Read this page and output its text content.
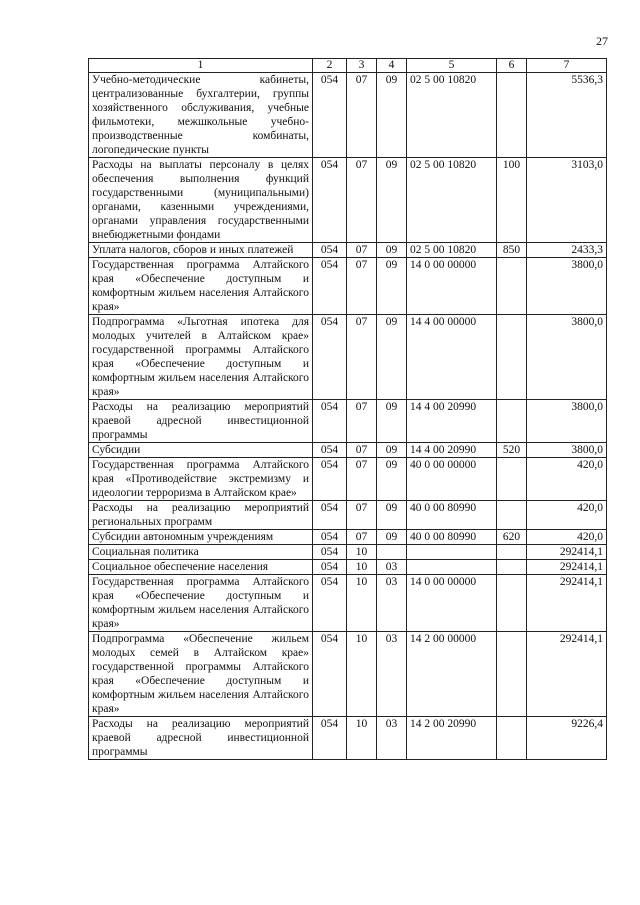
27
1	2	3	4	5	6	7
Учебно-методические кабинеты, централизованные бухгалтерии, группы хозяйственного обслуживания, учебные фильмотеки, межшкольные учебно-производственные комбинаты, логопедические пункты	054	07	09	02 5 00 10820		5536,3
Расходы на выплаты персоналу в целях обеспечения выполнения функций государственными (муниципальными) органами, казенными учреждениями, органами управления государственными внебюджетными фондами	054	07	09	02 5 00 10820	100	3103,0
Уплата налогов, сборов и иных платежей	054	07	09	02 5 00 10820	850	2433,3
Государственная программа Алтайского края «Обеспечение доступным и комфортным жильем населения Алтайского края»	054	07	09	14 0 00 00000		3800,0
Подпрограмма «Льготная ипотека для молодых учителей в Алтайском крае» государственной программы Алтайского края «Обеспечение доступным и комфортным жильем населения Алтайского края»	054	07	09	14 4 00 00000		3800,0
Расходы на реализацию мероприятий краевой адресной инвестиционной программы	054	07	09	14 4 00 20990		3800,0
Субсидии	054	07	09	14 4 00 20990	520	3800,0
Государственная программа Алтайского края «Противодействие экстремизму и идеологии терроризма в Алтайском крае»	054	07	09	40 0 00 00000		420,0
Расходы на реализацию мероприятий региональных программ	054	07	09	40 0 00 80990		420,0
Субсидии автономным учреждениям	054	07	09	40 0 00 80990	620	420,0
Социальная политика	054	10				292414,1
Социальное обеспечение населения	054	10	03			292414,1
Государственная программа Алтайского края «Обеспечение доступным и комфортным жильем населения Алтайского края»	054	10	03	14 0 00 00000		292414,1
Подпрограмма «Обеспечение жильем молодых семей в Алтайском крае» государственной программы Алтайского края «Обеспечение доступным и комфортным жильем населения Алтайского края»	054	10	03	14 2 00 00000		292414,1
Расходы на реализацию мероприятий краевой адресной инвестиционной программы	054	10	03	14 2 00 20990		9226,4
